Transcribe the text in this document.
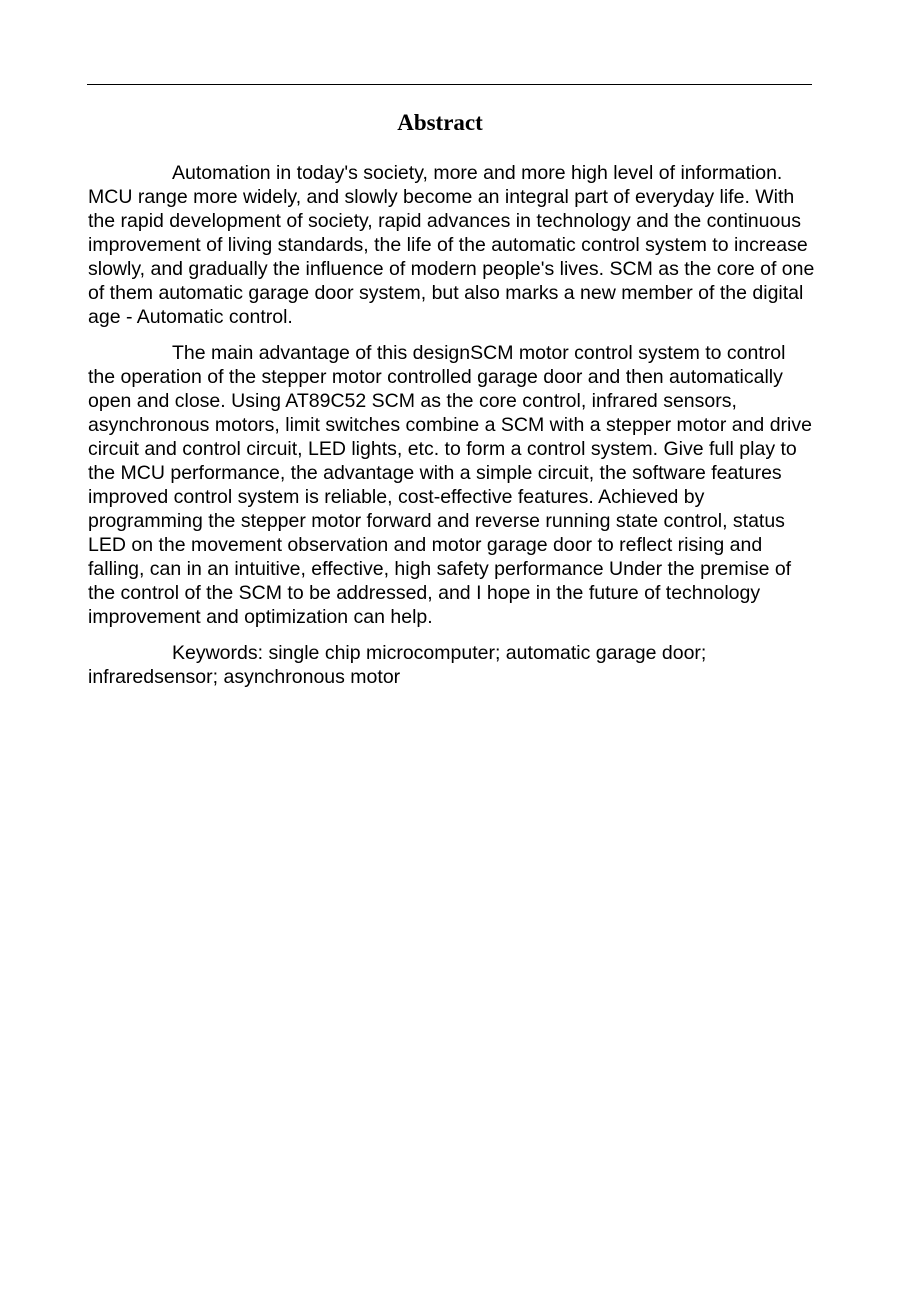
Abstract

Automation in today's society, more and more high level of information. MCU range more widely, and slowly become an integral part of everyday life. With the rapid development of society, rapid advances in technology and the continuous improvement of living standards, the life of the automatic control system to increase slowly, and gradually the influence of modern people's lives. SCM as the core of one of them automatic garage door system, but also marks a new member of the digital age - Automatic control.

The main advantage of this designSCM motor control system to control the operation of the stepper motor controlled garage door and then automatically open and close. Using AT89C52 SCM as the core control, infrared sensors, asynchronous motors, limit switches combine a SCM with a stepper motor and drive circuit and control circuit, LED lights, etc. to form a control system. Give full play to the MCU performance, the advantage with a simple circuit, the software features improved control system is reliable, cost-effective features. Achieved by programming the stepper motor forward and reverse running state control, status LED on the movement observation and motor garage door to reflect rising and falling, can in an intuitive, effective, high safety performance Under the premise of the control of the SCM to be addressed, and I hope in the future of technology improvement and optimization can help.

Keywords: single chip microcomputer; automatic garage door; infraredsensor; asynchronous motor
